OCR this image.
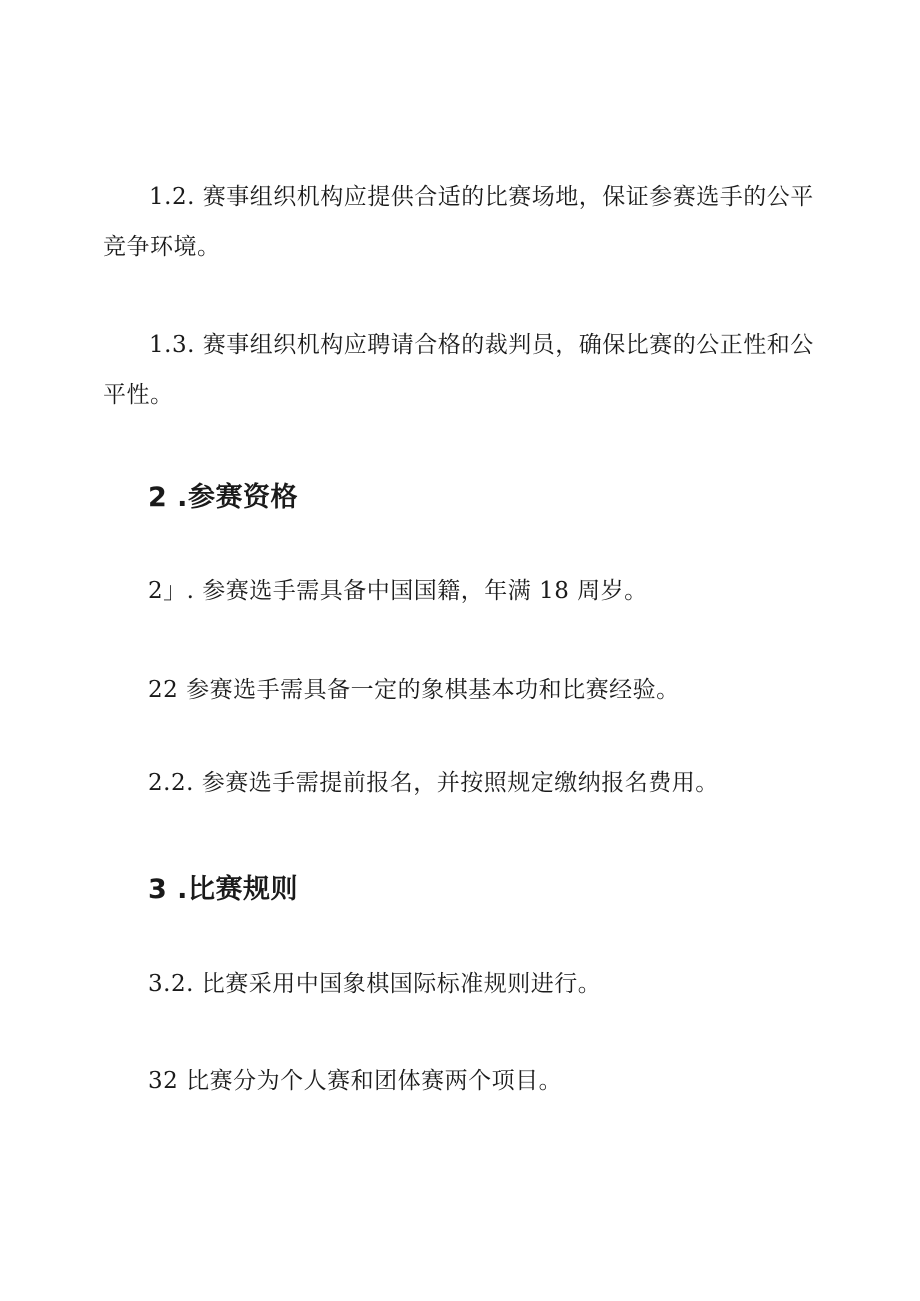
1.2. 赛事组织机构应提供合适的比赛场地，保证参赛选手的公平竞争环境。

1.3. 赛事组织机构应聘请合格的裁判员，确保比赛的公正性和公平性。

2 .参赛资格

2」. 参赛选手需具备中国国籍，年满 18 周岁。

22 参赛选手需具备一定的象棋基本功和比赛经验。

2.2. 参赛选手需提前报名，并按照规定缴纳报名费用。

3 .比赛规则

3.2. 比赛采用中国象棋国际标准规则进行。

32 比赛分为个人赛和团体赛两个项目。
